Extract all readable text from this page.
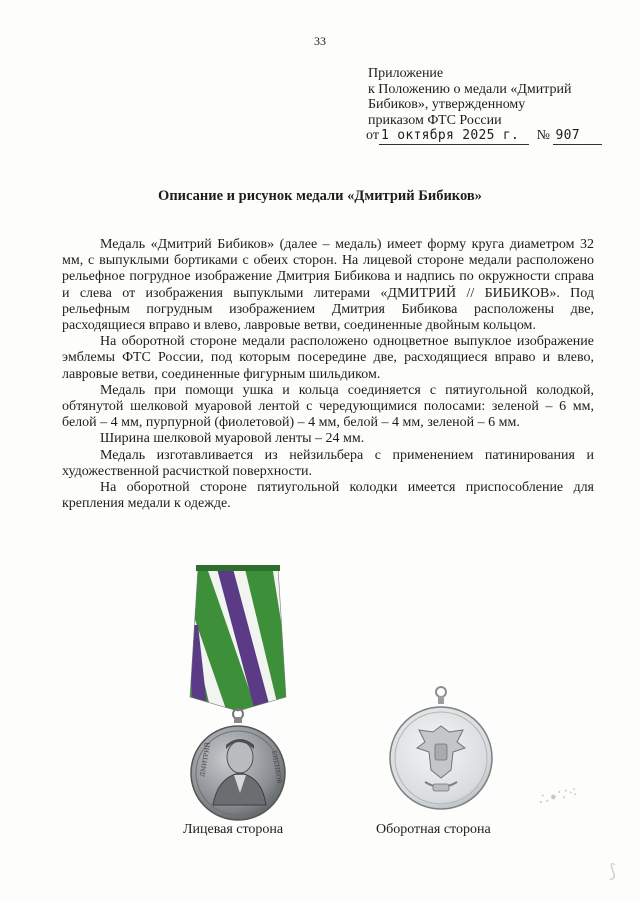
33
Приложение
к Положению о медали «Дмитрий
Бибиков», утвержденному
приказом ФТС России
от 1 октября 2025 г. № 907
Описание и рисунок медали «Дмитрий Бибиков»

Медаль «Дмитрий Бибиков» (далее – медаль) имеет форму круга диаметром 32 мм, с выпуклыми бортиками с обеих сторон. На лицевой стороне медали расположено рельефное погрудное изображение Дмитрия Бибикова и надпись по окружности справа и слева от изображения выпуклыми литерами «ДМИТРИЙ // БИБИКОВ». Под рельефным погрудным изображением Дмитрия Бибикова расположены две, расходящиеся вправо и влево, лавровые ветви, соединенные двойным кольцом.

На оборотной стороне медали расположено одноцветное выпуклое изображение эмблемы ФТС России, под которым посередине две, расходящиеся вправо и влево, лавровые ветви, соединенные фигурным шильдиком.

Медаль при помощи ушка и кольца соединяется с пятиугольной колодкой, обтянутой шелковой муаровой лентой с чередующимися полосами: зеленой – 6 мм, белой – 4 мм, пурпурной (фиолетовой) – 4 мм, белой – 4 мм, зеленой – 6 мм.

Ширина шелковой муаровой ленты – 24 мм.

Медаль изготавливается из нейзильбера с применением патинирования и художественной расчисткой поверхности.

На оборотной стороне пятиугольной колодки имеется приспособление для крепления медали к одежде.

ДМИТРИЙ	БИБИКОВ
Лицевая сторона	Оборотная сторона
∴∙∵⁖
⟆
